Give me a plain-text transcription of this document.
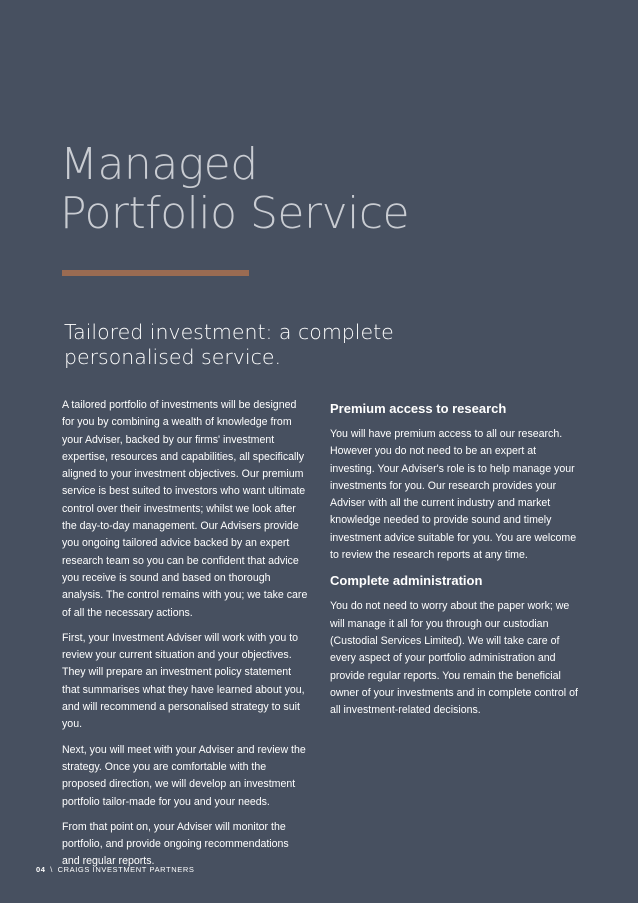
Managed
Portfolio Service
Tailored investment: a complete
personalised service.

A tailored portfolio of investments will be designed for you by combining a wealth of knowledge from your Adviser, backed by our firms' investment expertise, resources and capabilities, all specifically aligned to your investment objectives. Our premium service is best suited to investors who want ultimate control over their investments; whilst we look after the day-to-day management. Our Advisers provide you ongoing tailored advice backed by an expert research team so you can be confident that advice you receive is sound and based on thorough analysis. The control remains with you; we take care of all the necessary actions.

First, your Investment Adviser will work with you to review your current situation and your objectives. They will prepare an investment policy statement that summarises what they have learned about you, and will recommend a personalised strategy to suit you.

Next, you will meet with your Adviser and review the strategy. Once you are comfortable with the proposed direction, we will develop an investment portfolio tailor-made for you and your needs.

From that point on, your Adviser will monitor the portfolio, and provide ongoing recommendations and regular reports.

Premium access to research

You will have premium access to all our research. However you do not need to be an expert at investing. Your Adviser's role is to help manage your investments for you. Our research provides your Adviser with all the current industry and market knowledge needed to provide sound and timely investment advice suitable for you. You are welcome to review the research reports at any time.

Complete administration

You do not need to worry about the paper work; we will manage it all for you through our custodian (Custodial Services Limited). We will take care of every aspect of your portfolio administration and provide regular reports. You remain the beneficial owner of your investments and in complete control of all investment-related decisions.

04 \ CRAIGS INVESTMENT PARTNERS
